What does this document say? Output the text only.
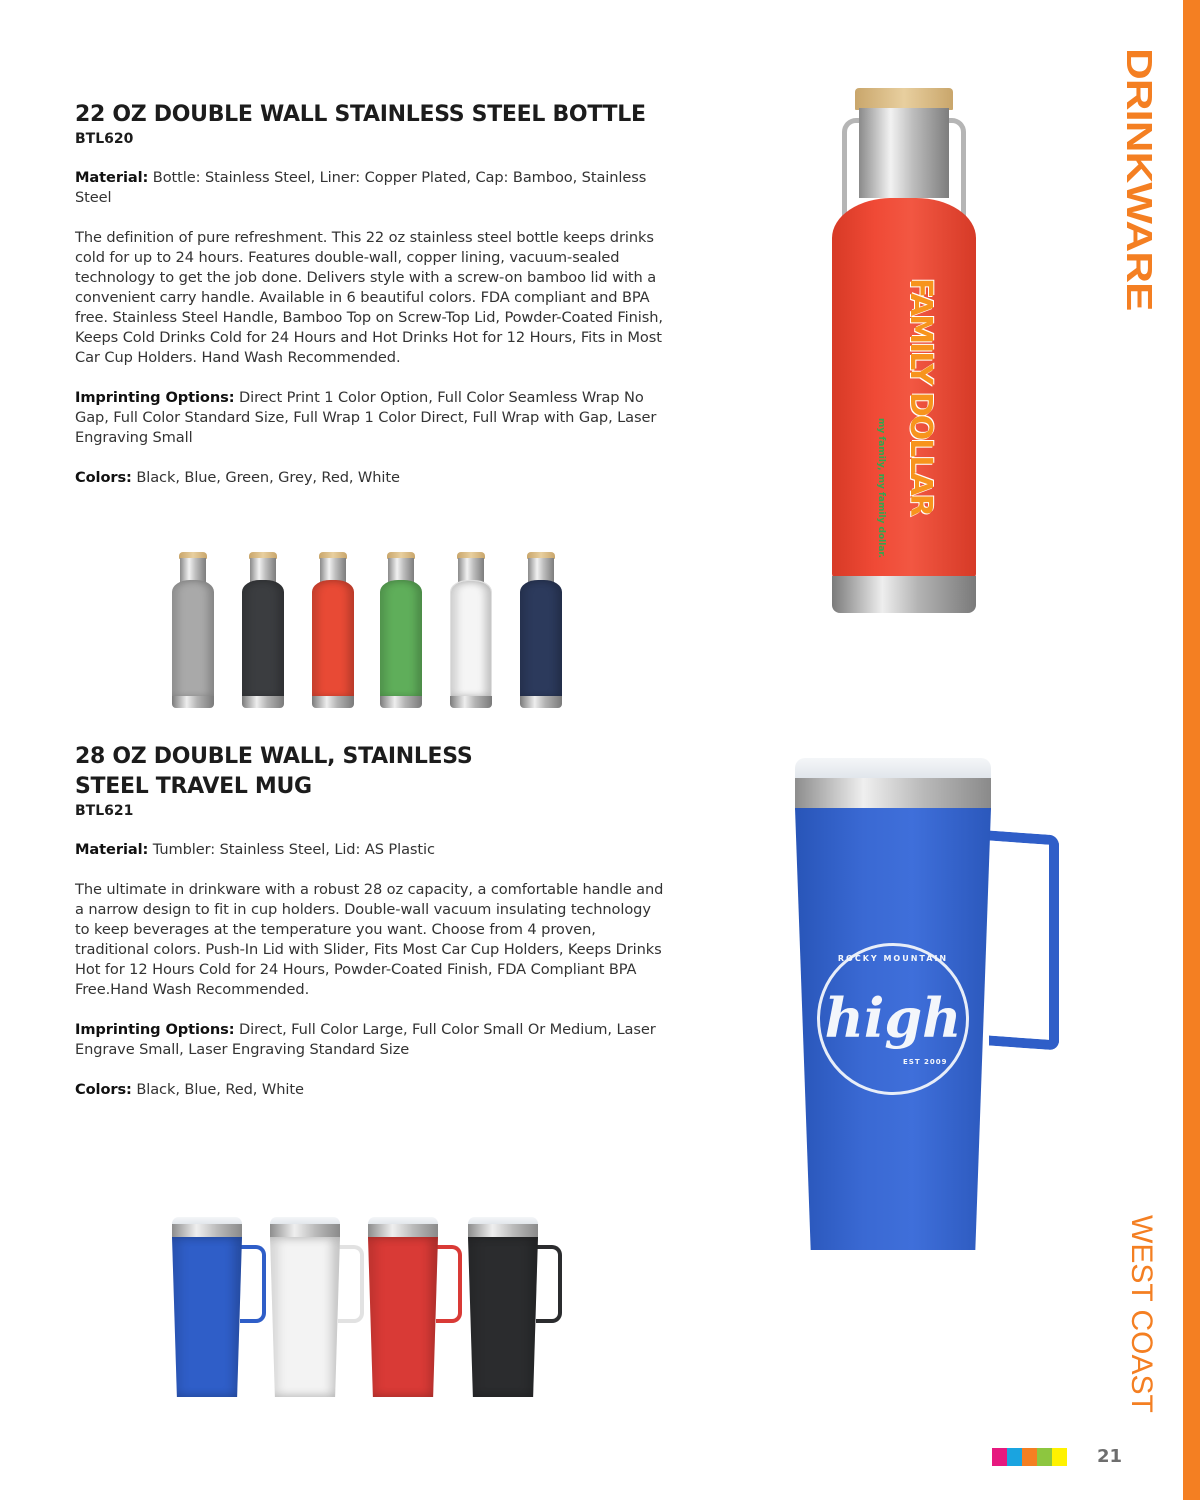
DRINKWARE
WEST COAST
22 OZ DOUBLE WALL STAINLESS STEEL BOTTLE
BTL620

Material: Bottle: Stainless Steel, Liner: Copper Plated, Cap: Bamboo, Stainless Steel

The definition of pure refreshment. This 22 oz stainless steel bottle keeps drinks cold for up to 24 hours. Features double-wall, copper lining, vacuum-sealed technology to get the job done. Delivers style with a screw-on bamboo lid with a convenient carry handle. Available in 6 beautiful colors. FDA compliant and BPA free. Stainless Steel Handle, Bamboo Top on Screw-Top Lid, Powder-Coated Finish, Keeps Cold Drinks Cold for 24 Hours and Hot Drinks Hot for 12 Hours, Fits in Most Car Cup Holders. Hand Wash Recommended.

Imprinting Options: Direct Print 1 Color Option, Full Color Seamless Wrap No Gap, Full Color Standard Size, Full Wrap 1 Color Direct, Full Wrap with Gap, Laser Engraving Small

Colors: Black, Blue, Green, Grey, Red, White	FAMILY DOLLAR
my family, my family dollar.
28 OZ DOUBLE WALL, STAINLESS STEEL TRAVEL MUG
BTL621

Material: Tumbler: Stainless Steel, Lid: AS Plastic

The ultimate in drinkware with a robust 28 oz capacity, a comfortable handle and a narrow design to fit in cup holders. Double-wall vacuum insulating technology to keep beverages at the temperature you want. Choose from 4 proven, traditional colors. Push-In Lid with Slider, Fits Most Car Cup Holders, Keeps Drinks Hot for 12 Hours Cold for 24 Hours, Powder-Coated Finish, FDA Compliant BPA Free.Hand Wash Recommended.

Imprinting Options: Direct, Full Color Large, Full Color Small Or Medium, Laser Engrave Small, Laser Engraving Standard Size

Colors: Black, Blue, Red, White

ROCKY MOUNTAIN
high
EST 2009
21
